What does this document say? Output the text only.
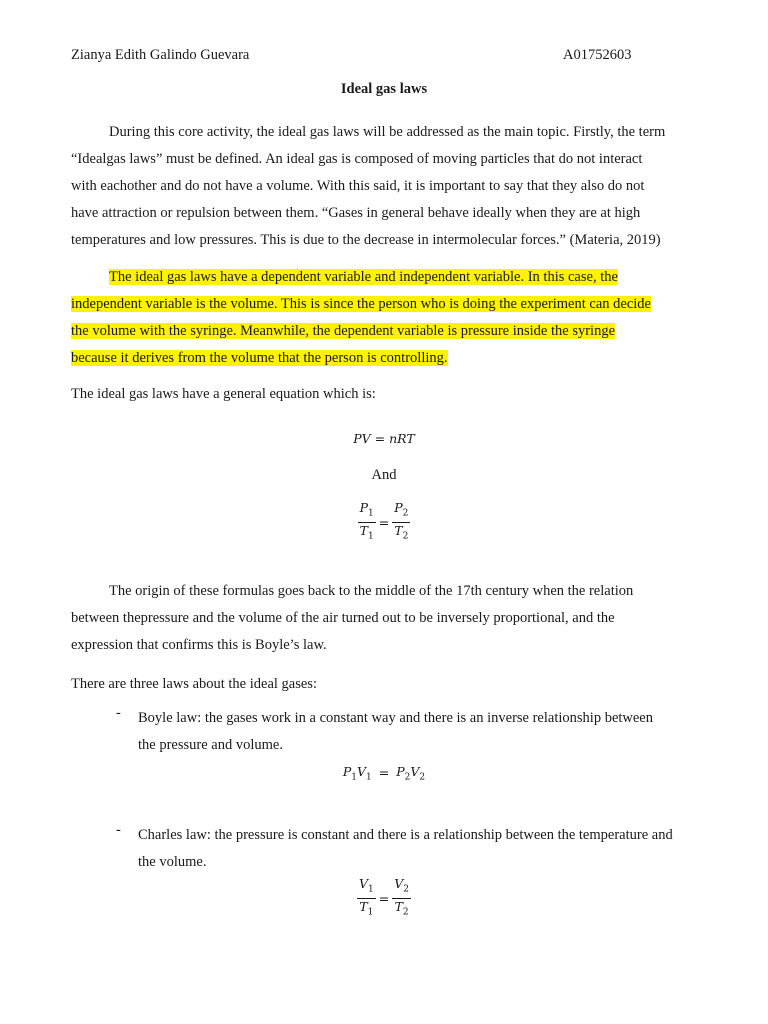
Zianya Edith Galindo Guevara	A01752603
Ideal gas laws
During this core activity, the ideal gas laws will be addressed as the main topic. Firstly, the term
“Idealgas laws” must be defined. An ideal gas is composed of moving particles that do not interact
with eachother and do not have a volume. With this said, it is important to say that they also do not
have attraction or repulsion between them. “Gases in general behave ideally when they are at high
temperatures and low pressures. This is due to the decrease in intermolecular forces.” (Materia, 2019)
The ideal gas laws have a dependent variable and independent variable. In this case, the
independent variable is the volume. This is since the person who is doing the experiment can decide
the volume with the syringe. Meanwhile, the dependent variable is pressure inside the syringe
because it derives from the volume that the person is controlling.
The ideal gas laws have a general equation which is:
PV = nRT
And
$\frac{P_1}{T_1} = \frac{P_2}{T_2}$
The origin of these formulas goes back to the middle of the 17th century when the relation
between thepressure and the volume of the air turned out to be inversely proportional, and the
expression that confirms this is Boyle’s law.
There are three laws about the ideal gases:
- Boyle law: the gases work in a constant way and there is an inverse relationship between
the pressure and volume.
$P_1V_1 = P_2V_2$
- Charles law: the pressure is constant and there is a relationship between the temperature and
the volume.
$\frac{V_1}{T_1} = \frac{V_2}{T_2}$
